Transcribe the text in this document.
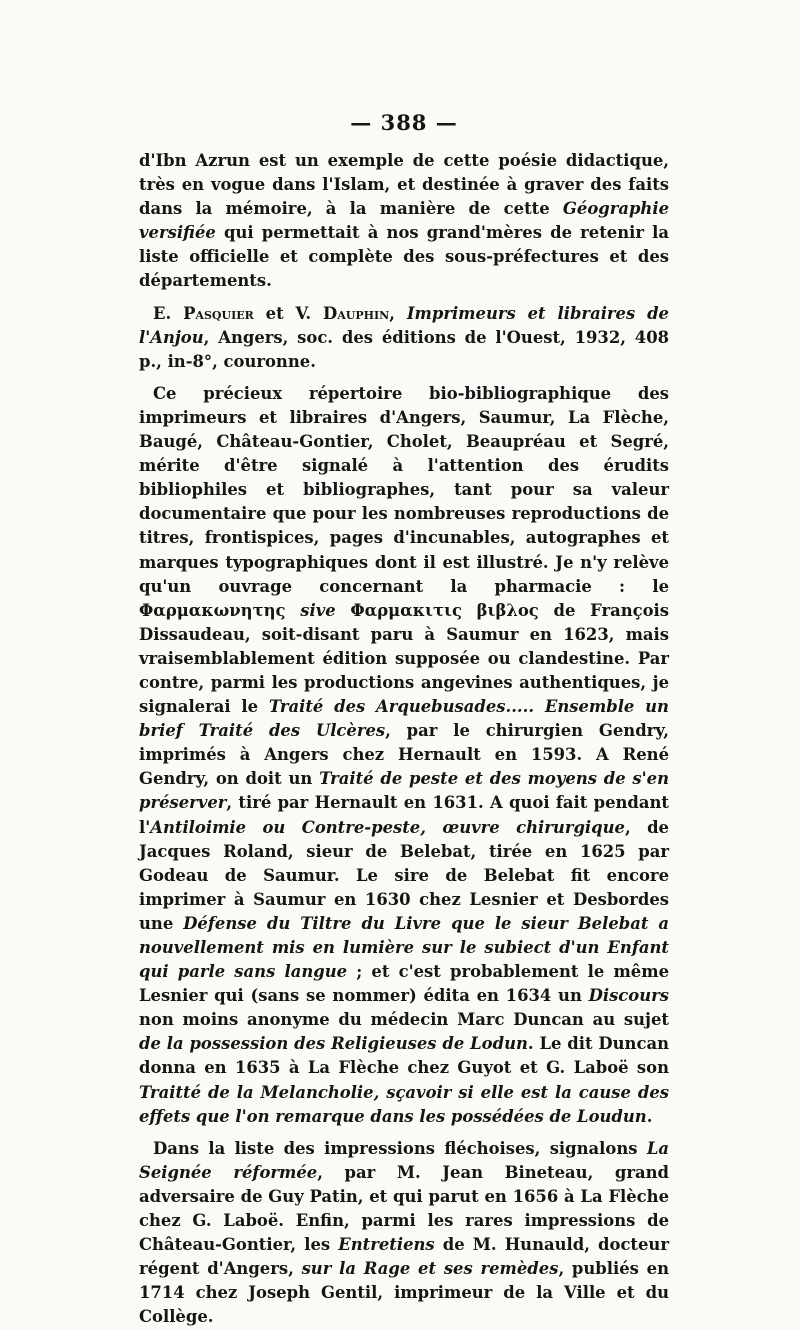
— 388 —

d'Ibn Azrun est un exemple de cette poésie didactique, très en vogue dans l'Islam, et destinée à graver des faits dans la mémoire, à la manière de cette Géographie versifiée qui permettait à nos grand'mères de retenir la liste officielle et complète des sous-préfectures et des départements.

E. Pasquier et V. Dauphin, Imprimeurs et libraires de l'Anjou, Angers, soc. des éditions de l'Ouest, 1932, 408 p., in-8°, couronne.

Ce précieux répertoire bio-bibliographique des imprimeurs et libraires d'Angers, Saumur, La Flèche, Baugé, Château-Gontier, Cholet, Beaupréau et Segré, mérite d'être signalé à l'attention des érudits bibliophiles et bibliographes, tant pour sa valeur documentaire que pour les nombreuses reproductions de titres, frontispices, pages d'incunables, autographes et marques typographiques dont il est illustré. Je n'y relève qu'un ouvrage concernant la pharmacie : le Φαρμακωνητης sive Φαρμακιτις βιβλος de François Dissaudeau, soit-disant paru à Saumur en 1623, mais vraisemblablement édition supposée ou clandestine. Par contre, parmi les productions angevines authentiques, je signalerai le Traité des Arquebusades..... Ensemble un brief Traité des Ulcères, par le chirurgien Gendry, imprimés à Angers chez Hernault en 1593. A René Gendry, on doit un Traité de peste et des moyens de s'en préserver, tiré par Hernault en 1631. A quoi fait pendant l'Antiloimie ou Contre-peste, œuvre chirurgique, de Jacques Roland, sieur de Belebat, tirée en 1625 par Godeau de Saumur. Le sire de Belebat fit encore imprimer à Saumur en 1630 chez Lesnier et Desbordes une Défense du Tiltre du Livre que le sieur Belebat a nouvellement mis en lumière sur le subiect d'un Enfant qui parle sans langue ; et c'est probablement le même Lesnier qui (sans se nommer) édita en 1634 un Discours non moins anonyme du médecin Marc Duncan au sujet de la possession des Religieuses de Lodun. Le dit Duncan donna en 1635 à La Flèche chez Guyot et G. Laboë son Traitté de la Melancholie, sçavoir si elle est la cause des effets que l'on remarque dans les possédées de Loudun.

Dans la liste des impressions fléchoises, signalons La Seignée réformée, par M. Jean Bineteau, grand adversaire de Guy Patin, et qui parut en 1656 à La Flèche chez G. Laboë. Enfin, parmi les rares impressions de Château-Gontier, les Entretiens de M. Hunauld, docteur régent d'Angers, sur la Rage et ses remèdes, publiés en 1714 chez Joseph Gentil, imprimeur de la Ville et du Collège.
